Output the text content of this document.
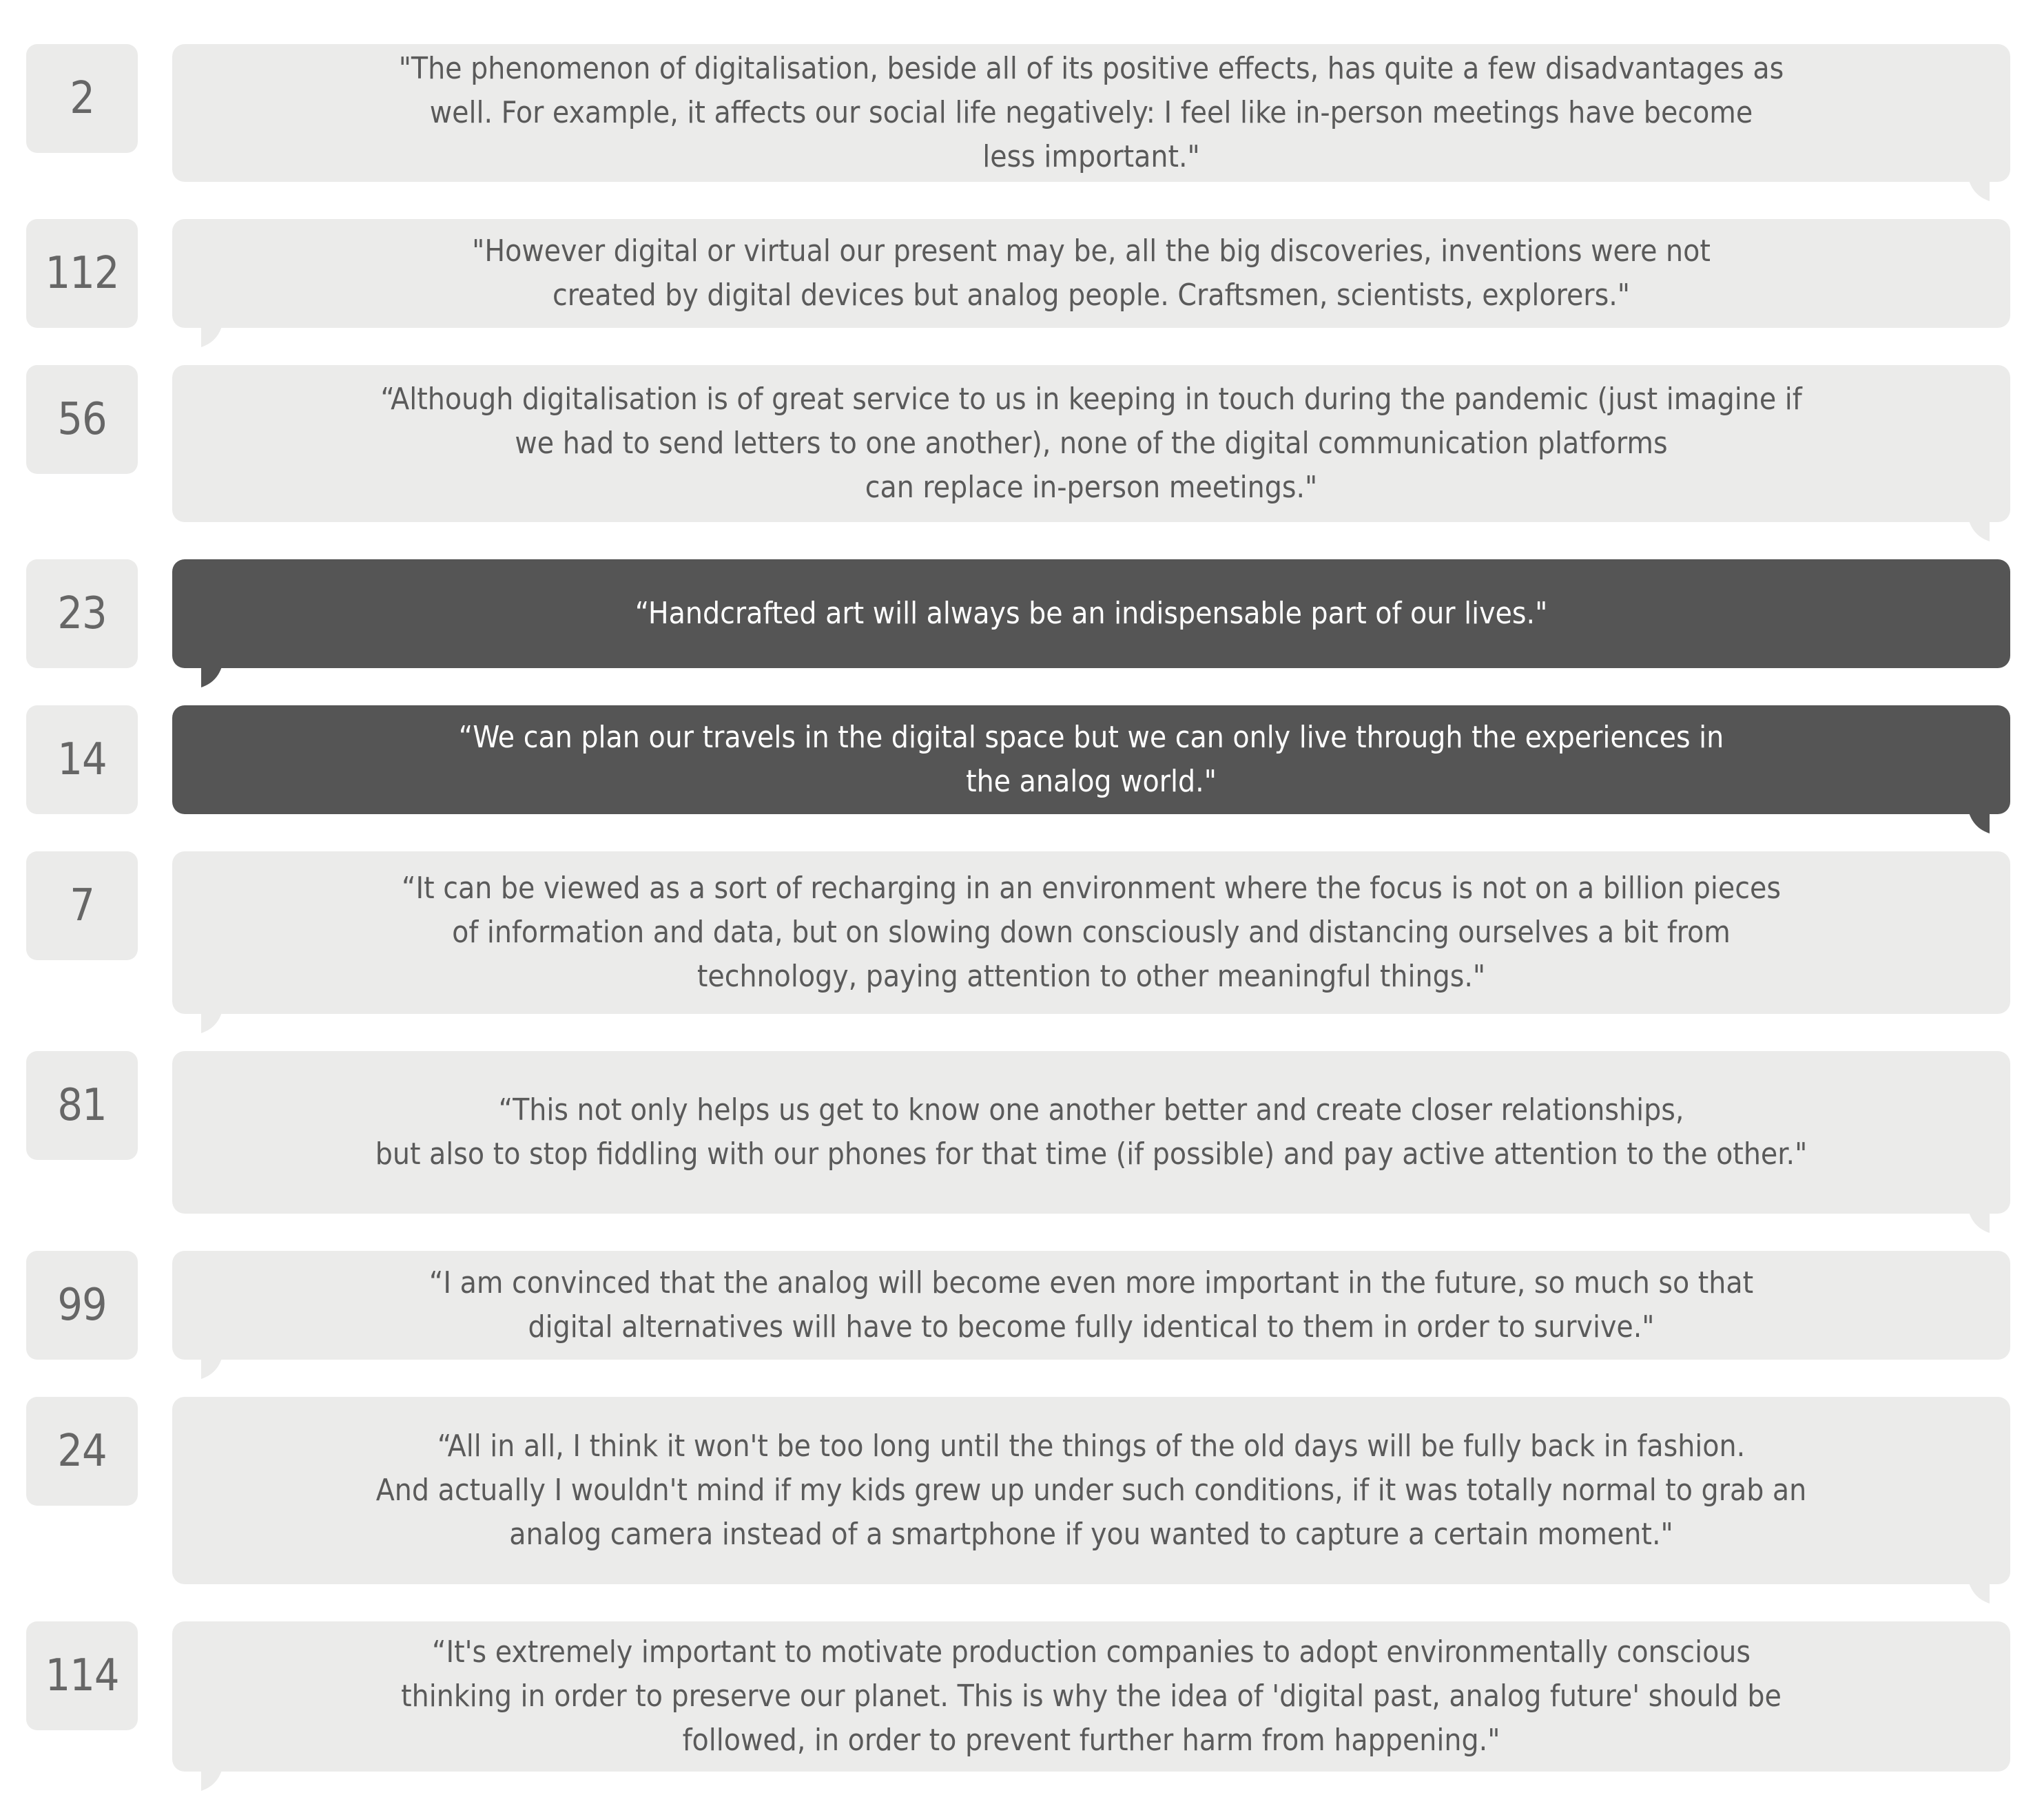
2
"The phenomenon of digitalisation, beside all of its positive effects, has quite a few disadvantages as
well. For example, it affects our social life negatively: I feel like in-person meetings have become
less important."
112	"However digital or virtual our present may be, all the big discoveries, inventions were not
created by digital devices but analog people. Craftsmen, scientists, explorers."
56	“Although digitalisation is of great service to us in keeping in touch during the pandemic (just imagine if
we had to send letters to one another), none of the digital communication platforms
can replace in-person meetings."
23	“Handcrafted art will always be an indispensable part of our lives."
14	“We can plan our travels in the digital space but we can only live through the experiences in
the analog world."
7	“It can be viewed as a sort of recharging in an environment where the focus is not on a billion pieces
of information and data, but on slowing down consciously and distancing ourselves a bit from
technology, paying attention to other meaningful things."
81	“This not only helps us get to know one another better and create closer relationships,
but also to stop fiddling with our phones for that time (if possible) and pay active attention to the other."
99	“I am convinced that the analog will become even more important in the future, so much so that
digital alternatives will have to become fully identical to them in order to survive."
24	“All in all, I think it won't be too long until the things of the old days will be fully back in fashion.
And actually I wouldn't mind if my kids grew up under such conditions, if it was totally normal to grab an
analog camera instead of a smartphone if you wanted to capture a certain moment."
114	“It's extremely important to motivate production companies to adopt environmentally conscious
thinking in order to preserve our planet. This is why the idea of 'digital past, analog future' should be
followed, in order to prevent further harm from happening."
